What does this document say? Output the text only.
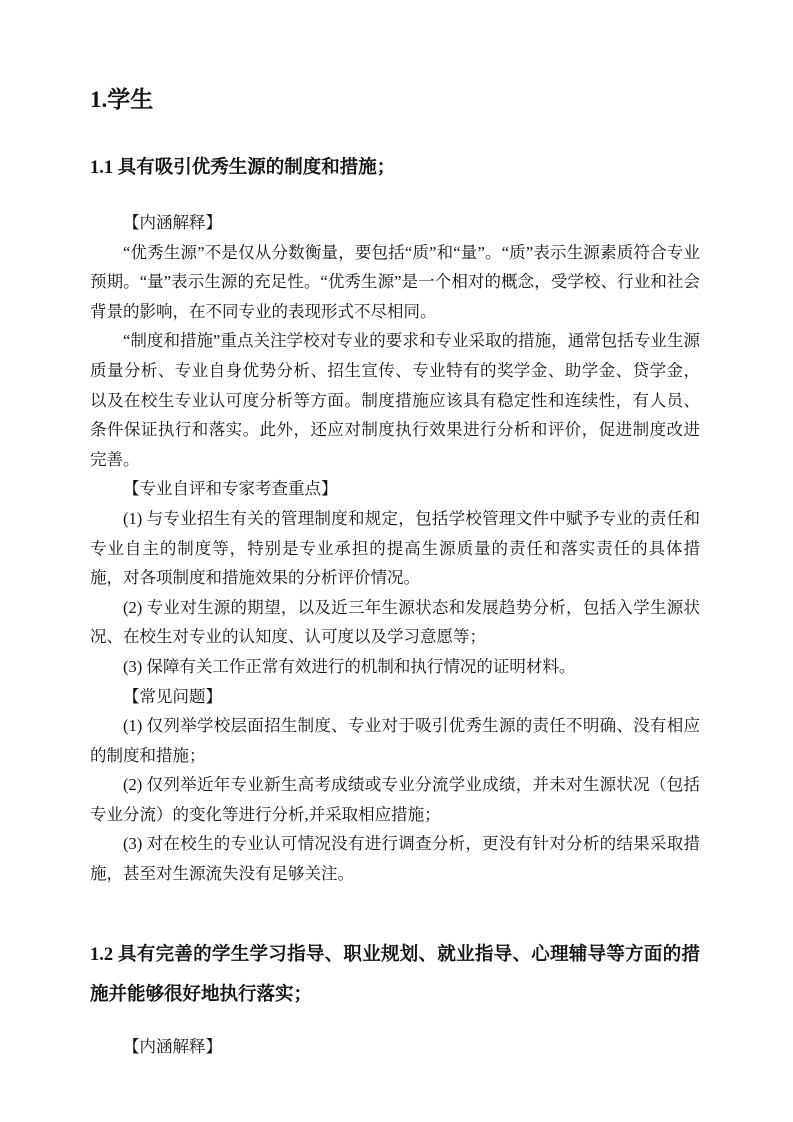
1.学生
1.1 具有吸引优秀生源的制度和措施；

【内涵解释】

“优秀生源”不是仅从分数衡量，要包括“质”和“量”。“质”表示生源素质符合专业预期。“量”表示生源的充足性。“优秀生源”是一个相对的概念，受学校、行业和社会背景的影响，在不同专业的表现形式不尽相同。

“制度和措施”重点关注学校对专业的要求和专业采取的措施，通常包括专业生源质量分析、专业自身优势分析、招生宣传、专业特有的奖学金、助学金、贷学金，以及在校生专业认可度分析等方面。制度措施应该具有稳定性和连续性，有人员、条件保证执行和落实。此外，还应对制度执行效果进行分析和评价，促进制度改进完善。

【专业自评和专家考查重点】

(1) 与专业招生有关的管理制度和规定，包括学校管理文件中赋予专业的责任和专业自主的制度等，特别是专业承担的提高生源质量的责任和落实责任的具体措施，对各项制度和措施效果的分析评价情况。

(2) 专业对生源的期望，以及近三年生源状态和发展趋势分析，包括入学生源状况、在校生对专业的认知度、认可度以及学习意愿等；

(3) 保障有关工作正常有效进行的机制和执行情况的证明材料。

【常见问题】

(1) 仅列举学校层面招生制度、专业对于吸引优秀生源的责任不明确、没有相应的制度和措施；

(2) 仅列举近年专业新生高考成绩或专业分流学业成绩，并未对生源状况（包括专业分流）的变化等进行分析,并采取相应措施；

(3) 对在校生的专业认可情况没有进行调查分析，更没有针对分析的结果采取措施，甚至对生源流失没有足够关注。

1.2 具有完善的学生学习指导、职业规划、就业指导、心理辅导等方面的措施并能够很好地执行落实；

【内涵解释】
